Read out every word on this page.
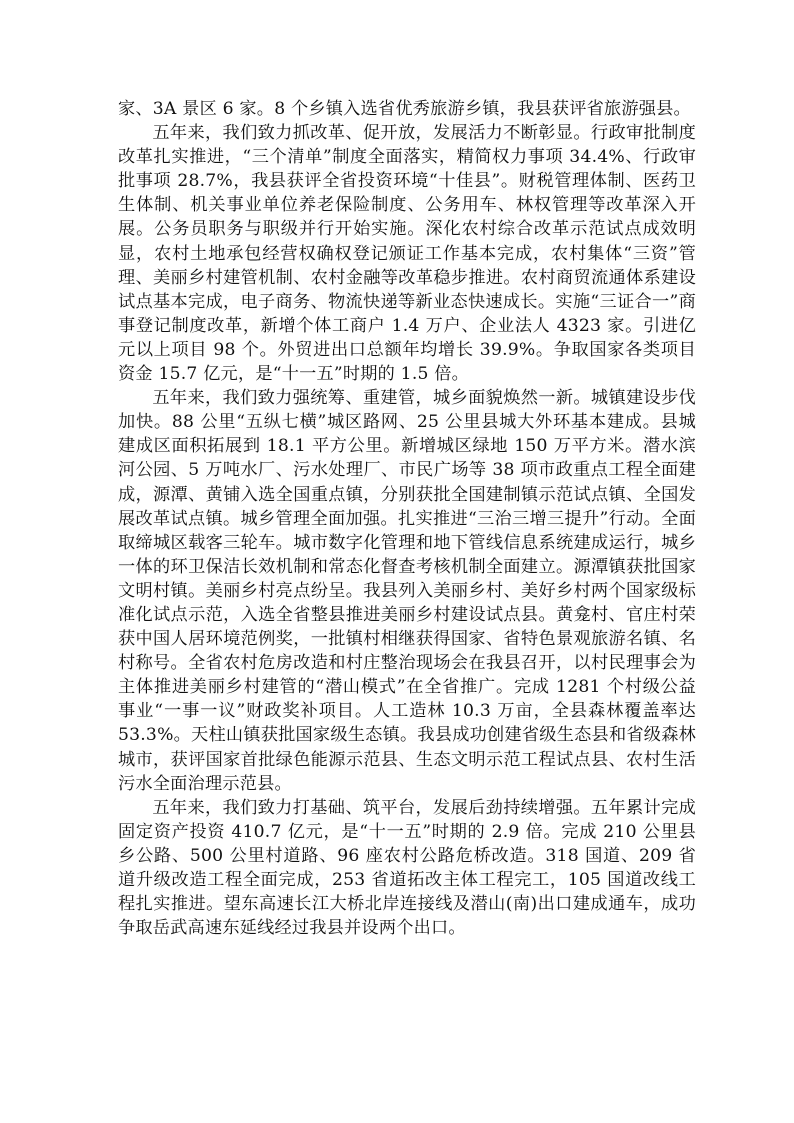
家、3A 景区 6 家。8 个乡镇入选省优秀旅游乡镇，我县获评省旅游强县。

五年来，我们致力抓改革、促开放，发展活力不断彰显。行政审批制度改革扎实推进，“三个清单”制度全面落实，精简权力事项 34.4%、行政审批事项 28.7%，我县获评全省投资环境“十佳县”。财税管理体制、医药卫生体制、机关事业单位养老保险制度、公务用车、林权管理等改革深入开展。公务员职务与职级并行开始实施。深化农村综合改革示范试点成效明显，农村土地承包经营权确权登记颁证工作基本完成，农村集体“三资”管理、美丽乡村建管机制、农村金融等改革稳步推进。农村商贸流通体系建设试点基本完成，电子商务、物流快递等新业态快速成长。实施“三证合一”商事登记制度改革，新增个体工商户 1.4 万户、企业法人 4323 家。引进亿元以上项目 98 个。外贸进出口总额年均增长 39.9%。争取国家各类项目资金 15.7 亿元，是“十一五”时期的 1.5 倍。

五年来，我们致力强统筹、重建管，城乡面貌焕然一新。城镇建设步伐加快。88 公里“五纵七横”城区路网、25 公里县城大外环基本建成。县城建成区面积拓展到 18.1 平方公里。新增城区绿地 150 万平方米。潜水滨河公园、5 万吨水厂、污水处理厂、市民广场等 38 项市政重点工程全面建成，源潭、黄铺入选全国重点镇，分别获批全国建制镇示范试点镇、全国发展改革试点镇。城乡管理全面加强。扎实推进“三治三增三提升”行动。全面取缔城区载客三轮车。城市数字化管理和地下管线信息系统建成运行，城乡一体的环卫保洁长效机制和常态化督查考核机制全面建立。源潭镇获批国家文明村镇。美丽乡村亮点纷呈。我县列入美丽乡村、美好乡村两个国家级标准化试点示范，入选全省整县推进美丽乡村建设试点县。黄龛村、官庄村荣获中国人居环境范例奖，一批镇村相继获得国家、省特色景观旅游名镇、名村称号。全省农村危房改造和村庄整治现场会在我县召开，以村民理事会为主体推进美丽乡村建管的“潜山模式”在全省推广。完成 1281 个村级公益事业“一事一议”财政奖补项目。人工造林 10.3 万亩，全县森林覆盖率达 53.3%。天柱山镇获批国家级生态镇。我县成功创建省级生态县和省级森林城市，获评国家首批绿色能源示范县、生态文明示范工程试点县、农村生活污水全面治理示范县。

五年来，我们致力打基础、筑平台，发展后劲持续增强。五年累计完成固定资产投资 410.7 亿元，是“十一五”时期的 2.9 倍。完成 210 公里县乡公路、500 公里村道路、96 座农村公路危桥改造。318 国道、209 省道升级改造工程全面完成，253 省道拓改主体工程完工，105 国道改线工程扎实推进。望东高速长江大桥北岸连接线及潜山(南)出口建成通车，成功争取岳武高速东延线经过我县并设两个出口。
